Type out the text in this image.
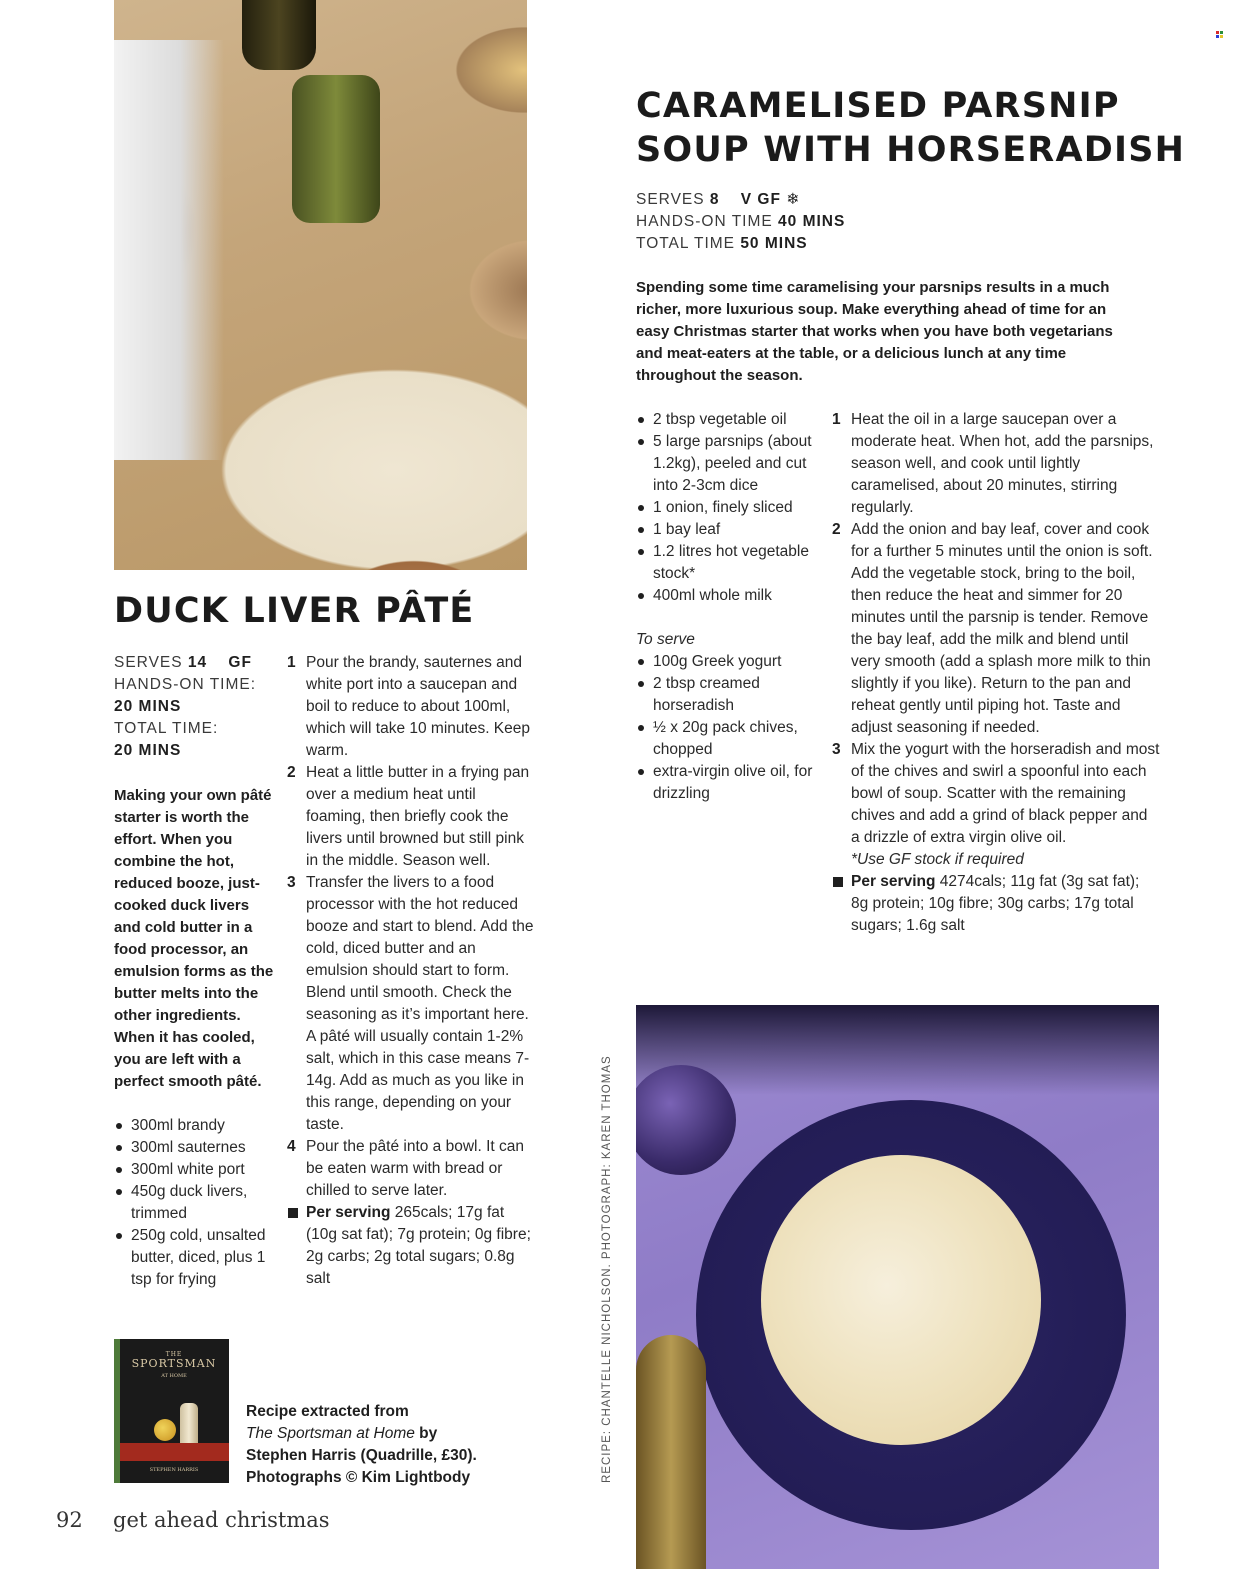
CARAMELISED PARSNIP
SOUP WITH HORSERADISH
SERVES 8 V GF ❄
HANDS-ON TIME 40 MINS
TOTAL TIME 50 MINS
Spending some time caramelising your parsnips results in a much richer, more luxurious soup. Make everything ahead of time for an easy Christmas starter that works when you have both vegetarians and meat-eaters at the table, or a delicious lunch at any time throughout the season.
2 tbsp vegetable oil
5 large parsnips (about 1.2kg), peeled and cut into 2-3cm dice
1 onion, finely sliced
1 bay leaf
1.2 litres hot vegetable stock*
400ml whole milk
To serve
100g Greek yogurt
2 tbsp creamed horseradish
½ x 20g pack chives, chopped
extra-virgin olive oil, for drizzling
1 Heat the oil in a large saucepan over a moderate heat. When hot, add the parsnips, season well, and cook until lightly caramelised, about 20 minutes, stirring regularly.
2 Add the onion and bay leaf, cover and cook for a further 5 minutes until the onion is soft. Add the vegetable stock, bring to the boil, then reduce the heat and simmer for 20 minutes until the parsnip is tender. Remove the bay leaf, add the milk and blend until very smooth (add a splash more milk to thin slightly if you like). Return to the pan and reheat gently until piping hot. Taste and adjust seasoning if needed.
3 Mix the yogurt with the horseradish and most of the chives and swirl a spoonful into each bowl of soup. Scatter with the remaining chives and add a grind of black pepper and a drizzle of extra virgin olive oil.
*Use GF stock if required
Per serving 4274cals; 11g fat (3g sat fat); 8g protein; 10g fibre; 30g carbs; 17g total sugars; 1.6g salt
DUCK LIVER PÂTÉ
SERVES 14 GF
HANDS-ON TIME:
20 MINS
TOTAL TIME:
20 MINS
Making your own pâté starter is worth the effort. When you combine the hot, reduced booze, just-cooked duck livers and cold butter in a food processor, an emulsion forms as the butter melts into the other ingredients. When it has cooled, you are left with a perfect smooth pâté.
300ml brandy
300ml sauternes
300ml white port
450g duck livers, trimmed
250g cold, unsalted butter, diced, plus 1 tsp for frying
1 Pour the brandy, sauternes and white port into a saucepan and boil to reduce to about 100ml, which will take 10 minutes. Keep warm.
2 Heat a little butter in a frying pan over a medium heat until foaming, then briefly cook the livers until browned but still pink in the middle. Season well.
3 Transfer the livers to a food processor with the hot reduced booze and start to blend. Add the cold, diced butter and an emulsion should start to form. Blend until smooth. Check the seasoning as it’s important here. A pâté will usually contain 1-2% salt, which in this case means 7-14g. Add as much as you like in this range, depending on your taste.
4 Pour the pâté into a bowl. It can be eaten warm with bread or chilled to serve later.
Per serving 265cals; 17g fat (10g sat fat); 7g protein; 0g fibre; 2g carbs; 2g total sugars; 0.8g salt
THE
SPORTSMAN
AT HOME
STEPHEN HARRIS
Recipe extracted from
The Sportsman at Home by
Stephen Harris (Quadrille, £30).
Photographs © Kim Lightbody	RECIPE: CHANTELLE NICHOLSON. PHOTOGRAPH: KAREN THOMAS
92 get ahead christmas
